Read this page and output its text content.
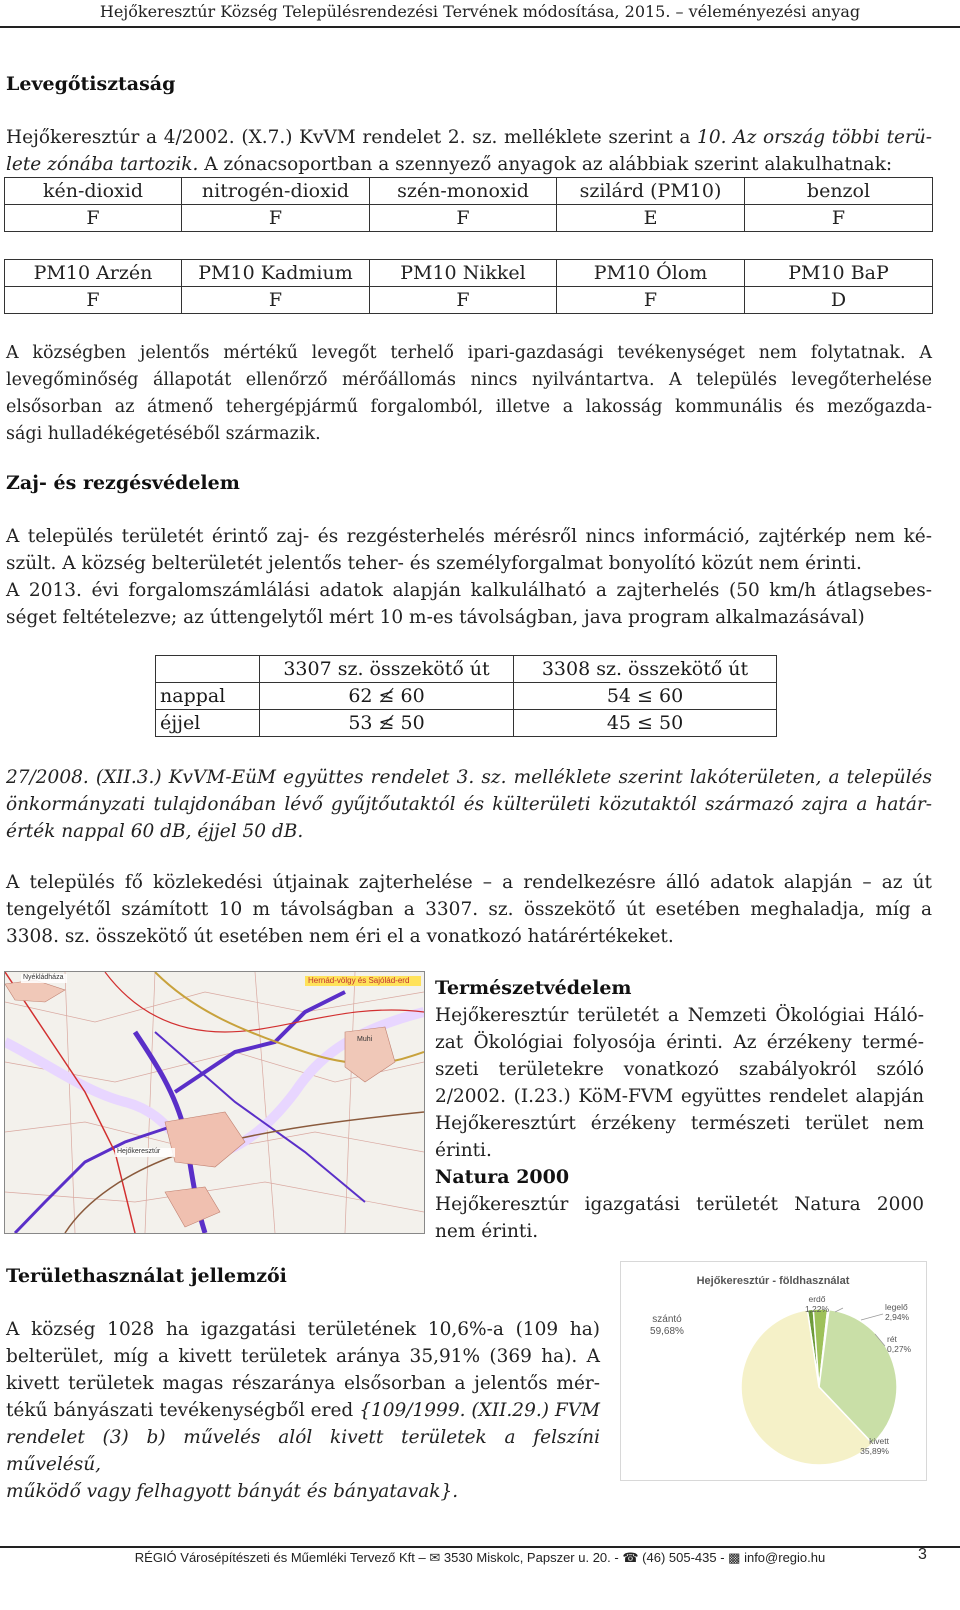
Hejőkeresztúr Község Településrendezési Tervének módosítása, 2015. – véleményezési anyag
Levegőtisztaság
Hejőkeresztúr a 4/2002. (X.7.) KvVM rendelet 2. sz. melléklete szerint a 10. Az ország többi terü-
lete zónába tartozik. A zónacsoportban a szennyező anyagok az alábbiak szerint alakulhatnak:
kén-dioxid	nitrogén-dioxid	szén-monoxid	szilárd (PM10)	benzol
F	F	F	E	F
PM10 Arzén	PM10 Kadmium	PM10 Nikkel	PM10 Ólom	PM10 BaP
F	F	F	F	D
A községben jelentős mértékű levegőt terhelő ipari-gazdasági tevékenységet nem folytatnak. A
levegőminőség állapotát ellenőrző mérőállomás nincs nyilvántartva. A település levegőterhelése
elsősorban az átmenő tehergépjármű forgalomból, illetve a lakosság kommunális és mezőgazda-
sági hulladékégetéséből származik.
Zaj- és rezgésvédelem
A település területét érintő zaj- és rezgésterhelés mérésről nincs információ, zajtérkép nem ké-
szült. A község belterületét jelentős teher- és személyforgalmat bonyolító közút nem érinti.
A 2013. évi forgalomszámlálási adatok alapján kalkulálható a zajterhelés (50 km/h átlagsebes-
séget feltételezve; az úttengelytől mért 10 m-es távolságban, java program alkalmazásával)
	3307 sz. összekötő út	3308 sz. összekötő út
nappal	62 ≰ 60	54 ≤ 60
éjjel	53 ≰ 50	45 ≤ 50
27/2008. (XII.3.) KvVM-EüM együttes rendelet 3. sz. melléklete szerint lakóterületen, a település
önkormányzati tulajdonában lévő gyűjtőutaktól és külterületi közutaktól származó zajra a határ-
érték nappal 60 dB, éjjel 50 dB.
A település fő közlekedési útjainak zajterhelése – a rendelkezésre álló adatok alapján – az út
tengelyétől számított 10 m távolságban a 3307. sz. összekötő út esetében meghaladja, míg a
3308. sz. összekötő út esetében nem éri el a vonatkozó határértékeket.
Hernád-völgy és Sajólád-erd
Nyékládháza
Hejőkeresztúr
Muhi
Természetvédelem
Hejőkeresztúr területét a Nemzeti Ökológiai Háló-
zat Ökológiai folyosója érinti. Az érzékeny termé-
szeti területekre vonatkozó szabályokról szóló
2/2002. (I.23.) KöM-FVM együttes rendelet alapján
Hejőkeresztúrt érzékeny természeti terület nem
érinti.
Natura 2000
Hejőkeresztúr igazgatási területét Natura 2000
nem érinti.
Területhasználat jellemzői
A község 1028 ha igazgatási területének 10,6%-a (109 ha)
belterület, míg a kivett területek aránya 35,91% (369 ha). A
kivett területek magas részaránya elsősorban a jelentős mér-
tékű bányászati tevékenységből ered {109/1999. (XII.29.) FVM
rendelet (3) b) művelés alól kivett területek a felszíni művelésű,
működő vagy felhagyott bányát és bányatavak}.
Hejőkeresztúr - földhasználat
erdő
1,22%	legelő
2,94%
rét
0,27%
kivett
35,89%
szántó
59,68%
RÉGIÓ Városépítészeti és Műemléki Tervező Kft – ✉ 3530 Miskolc, Papszer u. 20. - ☎ (46) 505-435 - ▩ info@regio.hu	3
